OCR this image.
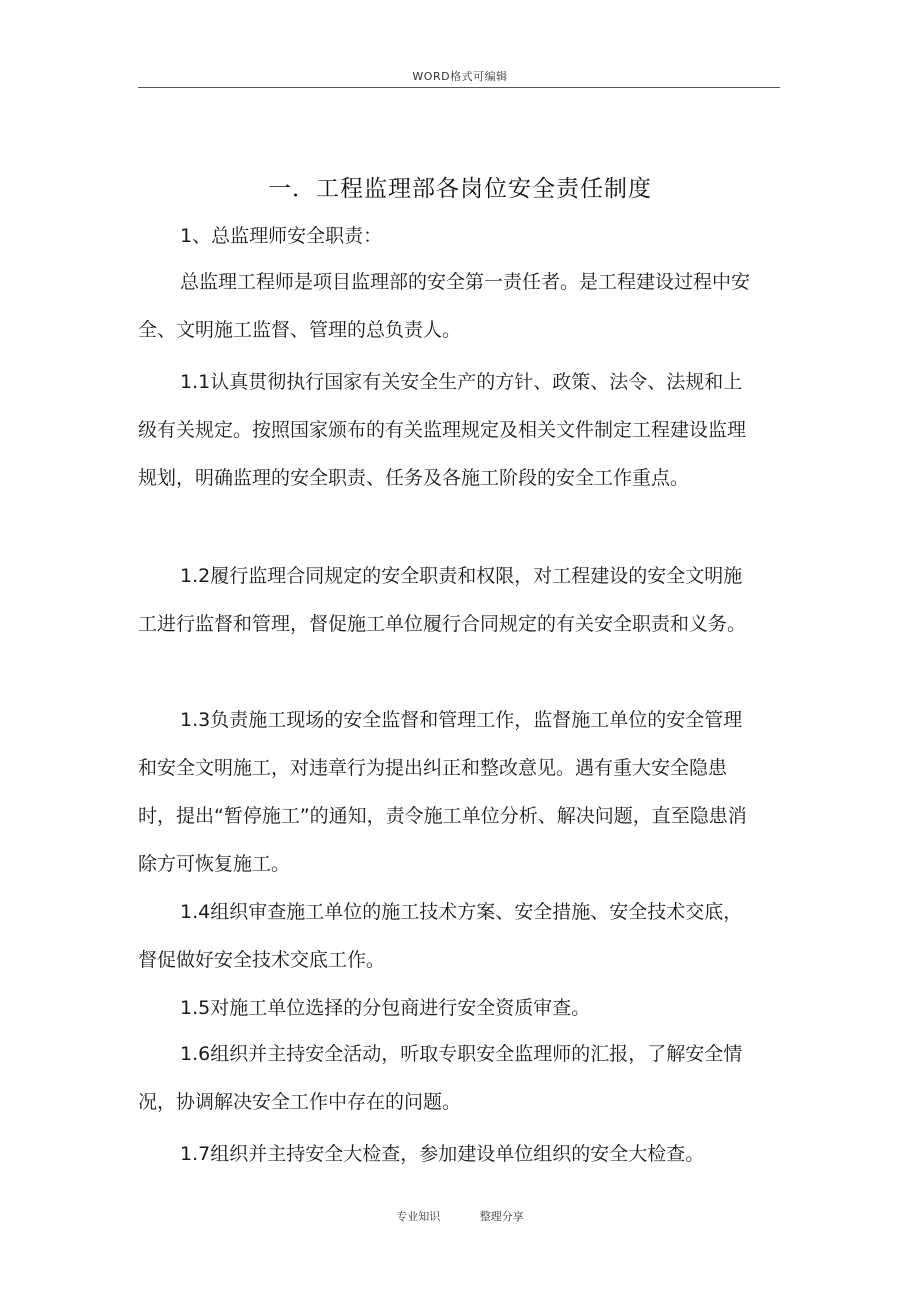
WORD格式可编辑
一．工程监理部各岗位安全责任制度

1、总监理师安全职责：

总监理工程师是项目监理部的安全第一责任者。是工程建设过程中安全、文明施工监督、管理的总负责人。

1.1认真贯彻执行国家有关安全生产的方针、政策、法令、法规和上级有关规定。按照国家颁布的有关监理规定及相关文件制定工程建设监理规划，明确监理的安全职责、任务及各施工阶段的安全工作重点。

1.2履行监理合同规定的安全职责和权限，对工程建设的安全文明施工进行监督和管理，督促施工单位履行合同规定的有关安全职责和义务。

1.3负责施工现场的安全监督和管理工作，监督施工单位的安全管理和安全文明施工，对违章行为提出纠正和整改意见。遇有重大安全隐患时，提出“暂停施工”的通知，责令施工单位分析、解决问题，直至隐患消除方可恢复施工。

1.4组织审查施工单位的施工技术方案、安全措施、安全技术交底，督促做好安全技术交底工作。

1.5对施工单位选择的分包商进行安全资质审查。

1.6组织并主持安全活动，听取专职安全监理师的汇报，了解安全情况，协调解决安全工作中存在的问题。

1.7组织并主持安全大检查，参加建设单位组织的安全大检查。

专业知识	整理分享
